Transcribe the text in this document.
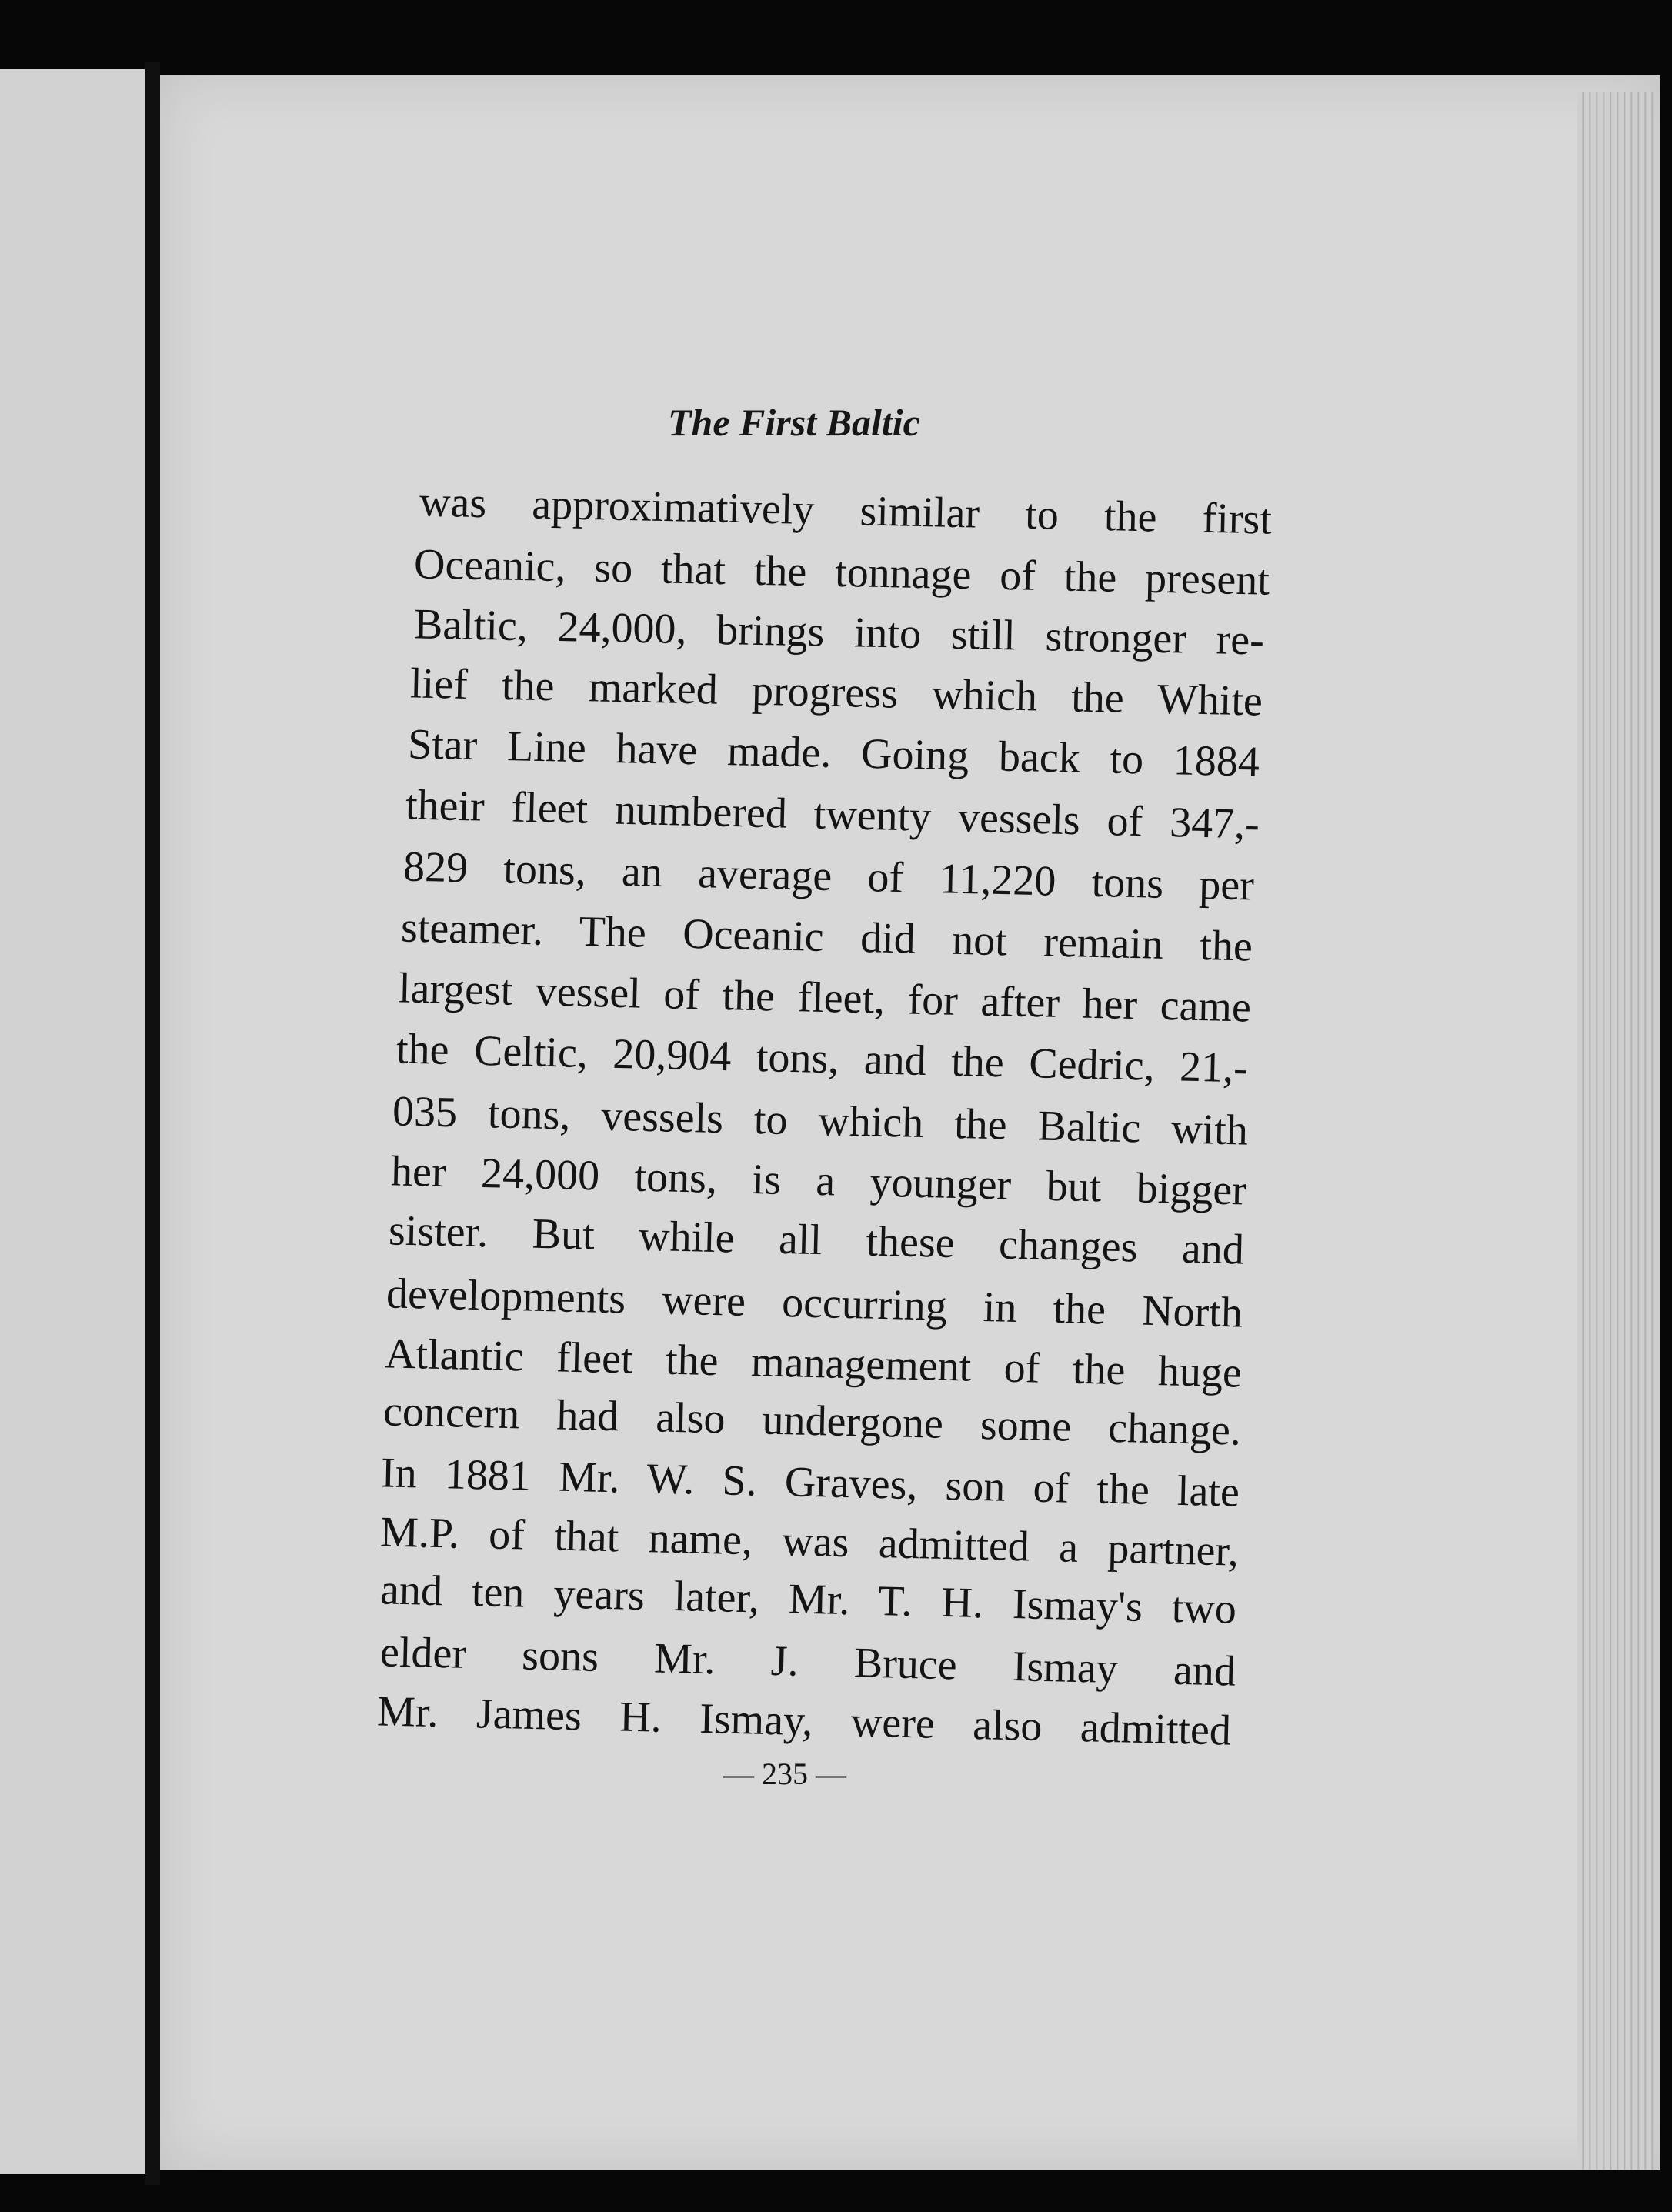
The First Baltic
was approximatively similar to the first
Oceanic, so that the tonnage of the present
Baltic, 24,000, brings into still stronger re-
lief the marked progress which the White
Star Line have made. Going back to 1884
their fleet numbered twenty vessels of 347,-
829 tons, an average of 11,220 tons per
steamer. The Oceanic did not remain the
largest vessel of the fleet, for after her came
the Celtic, 20,904 tons, and the Cedric, 21,-
035 tons, vessels to which the Baltic with
her 24,000 tons, is a younger but bigger
sister. But while all these changes and
developments were occurring in the North
Atlantic fleet the management of the huge
concern had also undergone some change.
In 1881 Mr. W. S. Graves, son of the late
M.P. of that name, was admitted a partner,
and ten years later, Mr. T. H. Ismay's two
elder sons Mr. J. Bruce Ismay and
Mr. James H. Ismay, were also admitted
— 235 —
